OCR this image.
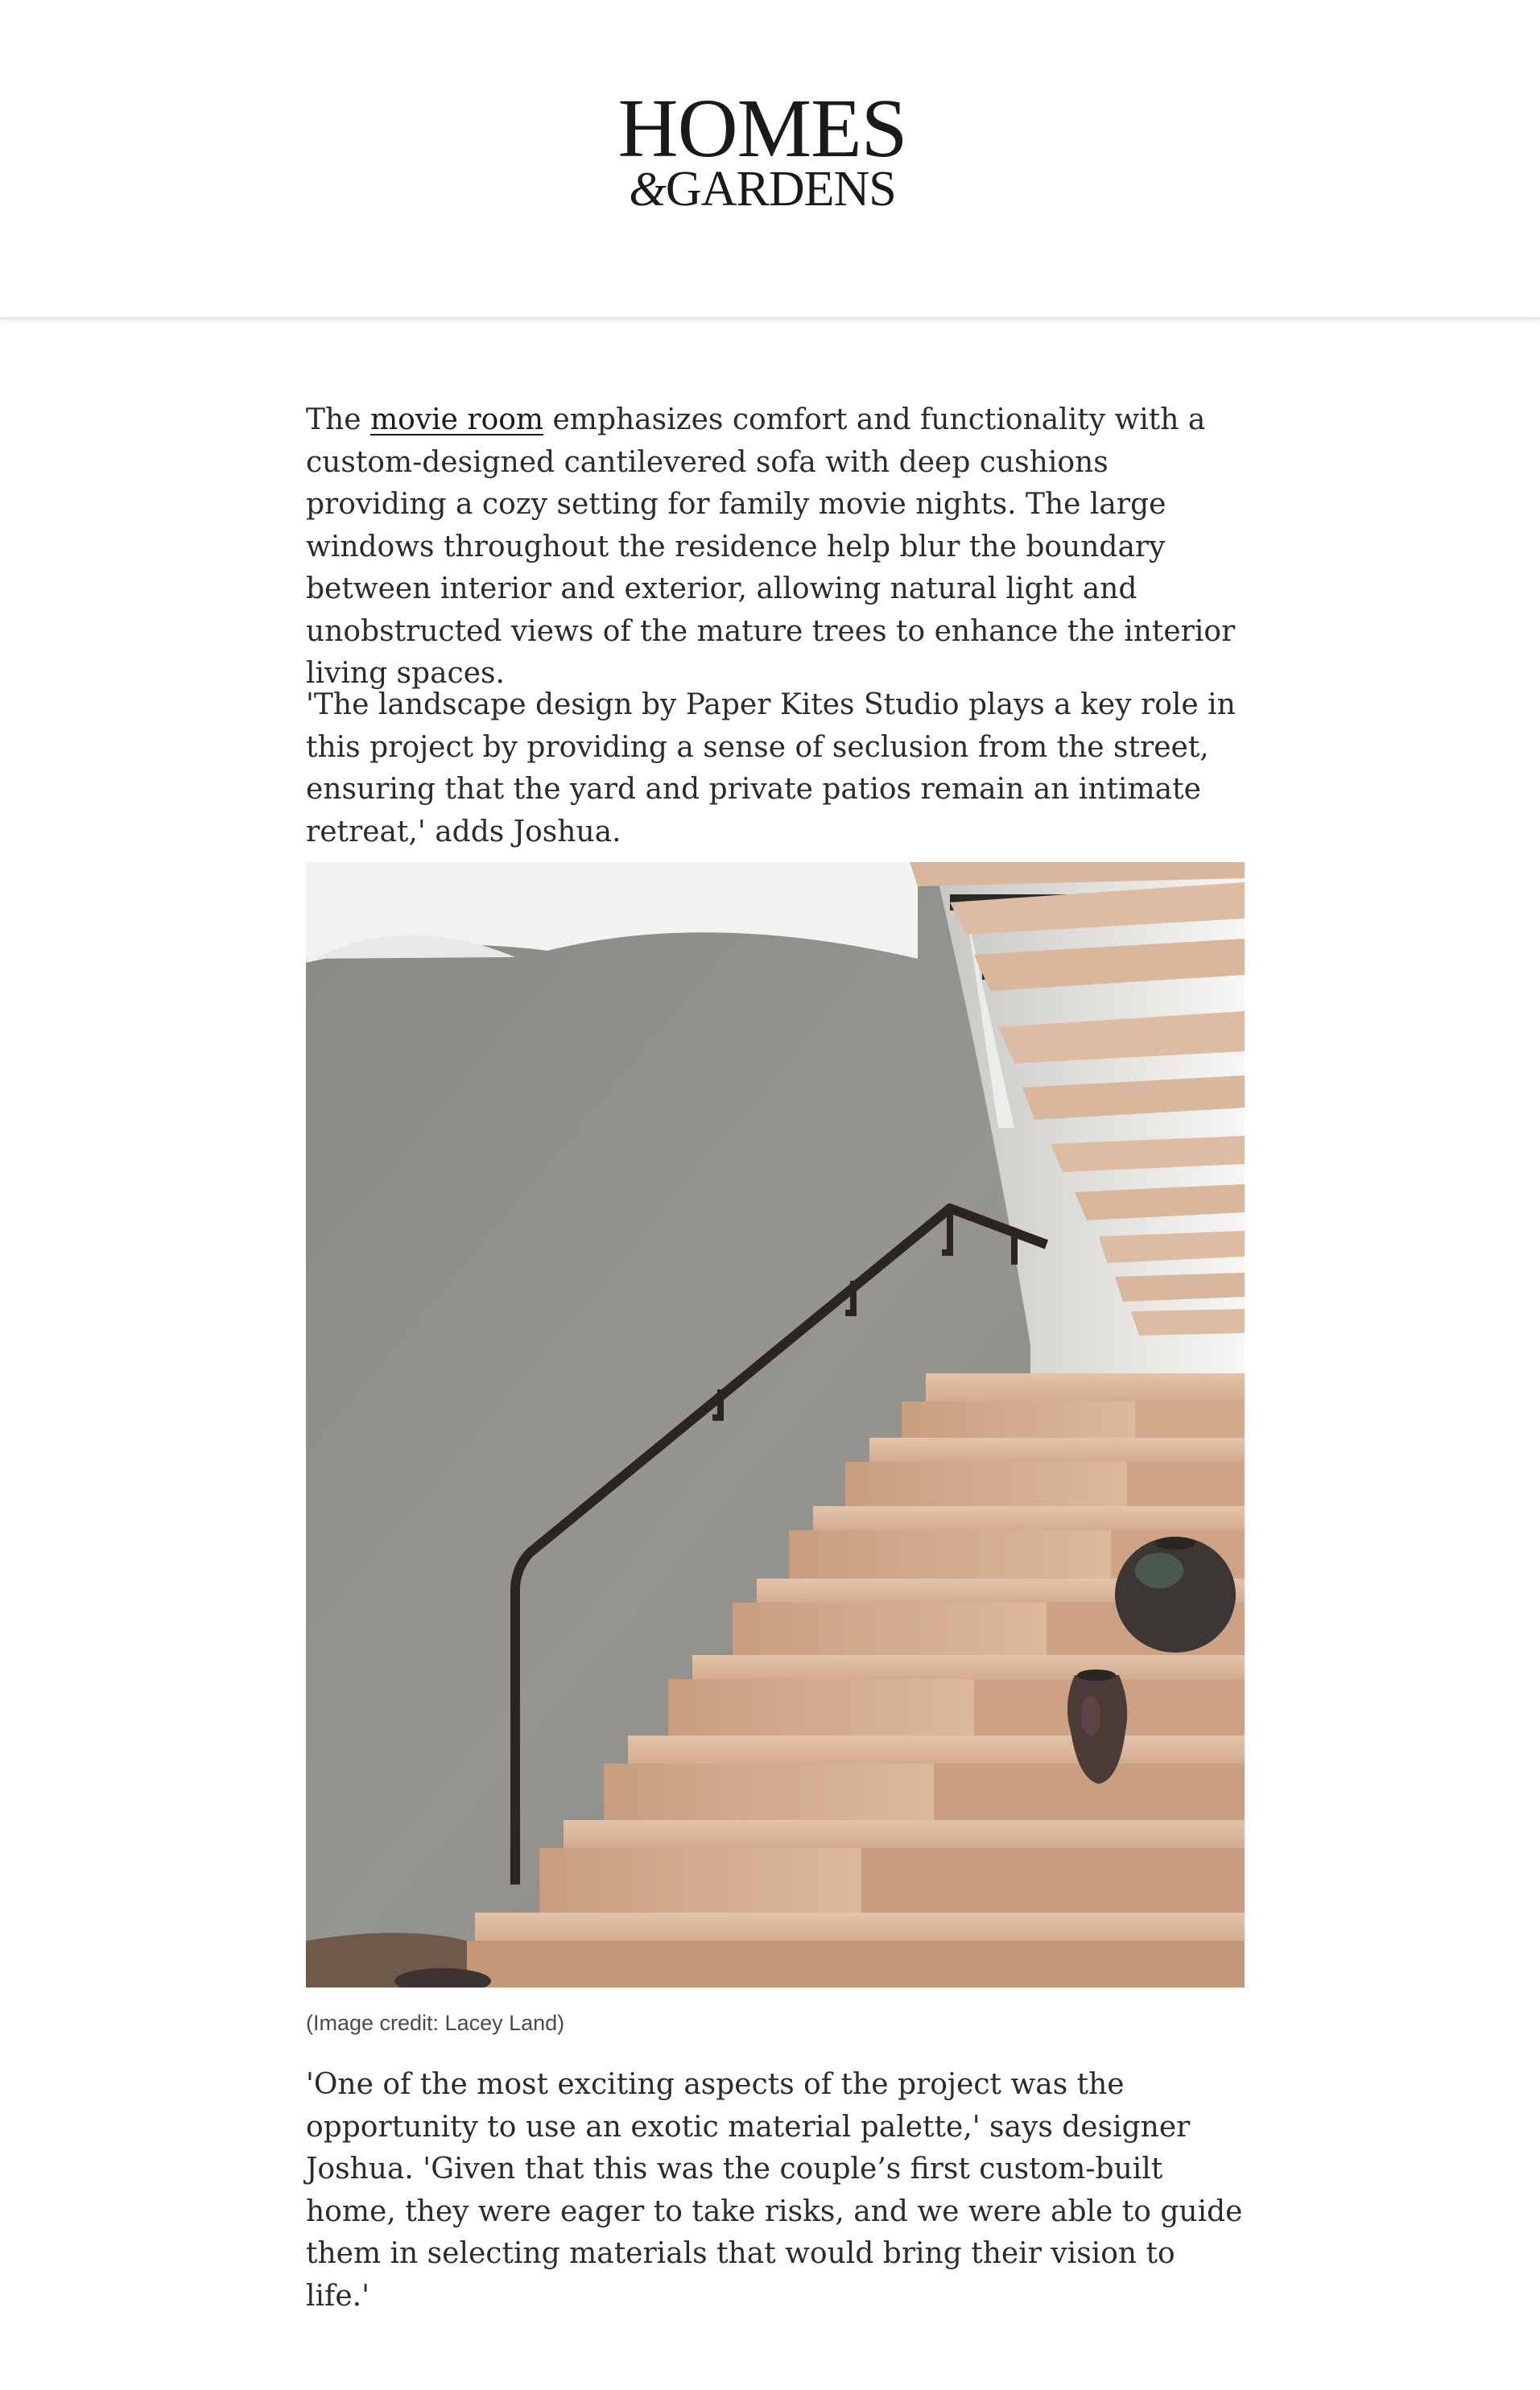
HOMES
&GARDENS

The movie room emphasizes comfort and functionality with a custom-designed cantilevered sofa with deep cushions providing a cozy setting for family movie nights. The large windows throughout the residence help blur the boundary between interior and exterior, allowing natural light and unobstructed views of the mature trees to enhance the interior living spaces.

'The landscape design by Paper Kites Studio plays a key role in this project by providing a sense of seclusion from the street, ensuring that the yard and private patios remain an intimate retreat,' adds Joshua.

'One of the most exciting aspects of the project was the opportunity to use an exotic material palette,' says designer Joshua. 'Given that this was the couple’s first custom-built home, they were eager to take risks, and we were able to guide them in selecting materials that would bring their vision to life.'

(Image credit: Lacey Land)
